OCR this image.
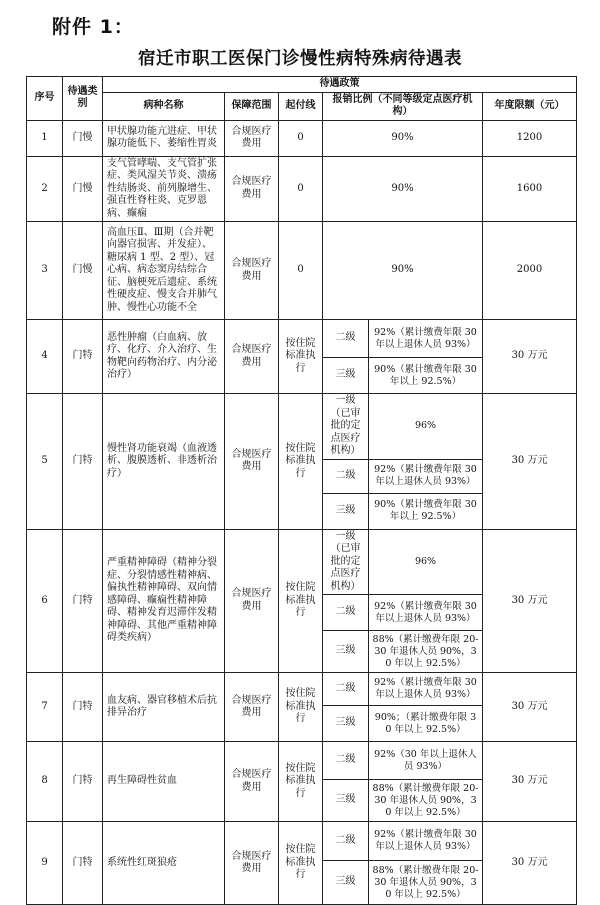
附件 1：
宿迁市职工医保门诊慢性病特殊病待遇表
序号	待遇类别	待遇政策					
		病种名称	保障范围	起付线	报销比例（不同等级定点医疗机构）		年度限额（元）
1	门慢	甲状腺功能亢进症、甲状腺功能低下、萎缩性胃炎	合规医疗费用	0	90%		1200
2	门慢	支气管哮喘、支气管扩张症、类风湿关节炎、溃疡性结肠炎、前列腺增生、强直性脊柱炎、克罗恩病、癫痫	合规医疗费用	0	90%		1600
3	门慢	高血压Ⅱ、Ⅲ期（合并靶向器官损害、并发症）、糖尿病 1 型、2 型）、冠心病、病态窦房结综合征、脑梗死后遗症、系统性硬皮症、慢支合并肺气肿、慢性心功能不全	合规医疗费用	0	90%		2000
4	门特	恶性肿瘤（白血病、放疗、化疗、介入治疗、生物靶向药物治疗、内分泌治疗）	合规医疗费用	按住院标准执行	二级	92%（累计缴费年限 30 年以上退休人员 93%）	30 万元
					三级	90%（累计缴费年限 30 年以上 92.5%）	
5	门特	慢性肾功能衰竭（血液透析、腹膜透析、非透析治疗）	合规医疗费用	按住院标准执行	一级（已审批的定点医疗机构）	96%	30 万元
					二级	92%（累计缴费年限 30 年以上退休人员 93%）	
					三级	90%（累计缴费年限 30 年以上 92.5%）	
6	门特	严重精神障碍（精神分裂症、分裂情感性精神病、偏执性精神障碍、双向情感障碍、癫痫性精神障碍、精神发育迟滞伴发精神障碍、其他严重精神障碍类疾病）	合规医疗费用	按住院标准执行	一级（已审批的定点医疗机构）	96%	30 万元
					二级	92%（累计缴费年限 30 年以上退休人员 93%）	
					三级	88%（累计缴费年限 20-30 年退休人员 90%，30 年以上 92.5%）	
7	门特	血友病、器官移植术后抗排异治疗	合规医疗费用	按住院标准执行	二级	92%（累计缴费年限 30 年以上退休人员 93%）	30 万元
					三级	90%；（累计缴费年限 30 年以上 92.5%）	
8	门特	再生障碍性贫血	合规医疗费用	按住院标准执行	二级	92%（30 年以上退休人员 93%）	30 万元
					三级	88%（累计缴费年限 20-30 年退休人员 90%，30 年以上 92.5%）	
9	门特	系统性红斑狼疮	合规医疗费用	按住院标准执行	二级	92%（累计缴费年限 30 年以上退休人员 93%）	30 万元
					三级	88%（累计缴费年限 20-30 年退休人员 90%，30 年以上 92.5%）	
